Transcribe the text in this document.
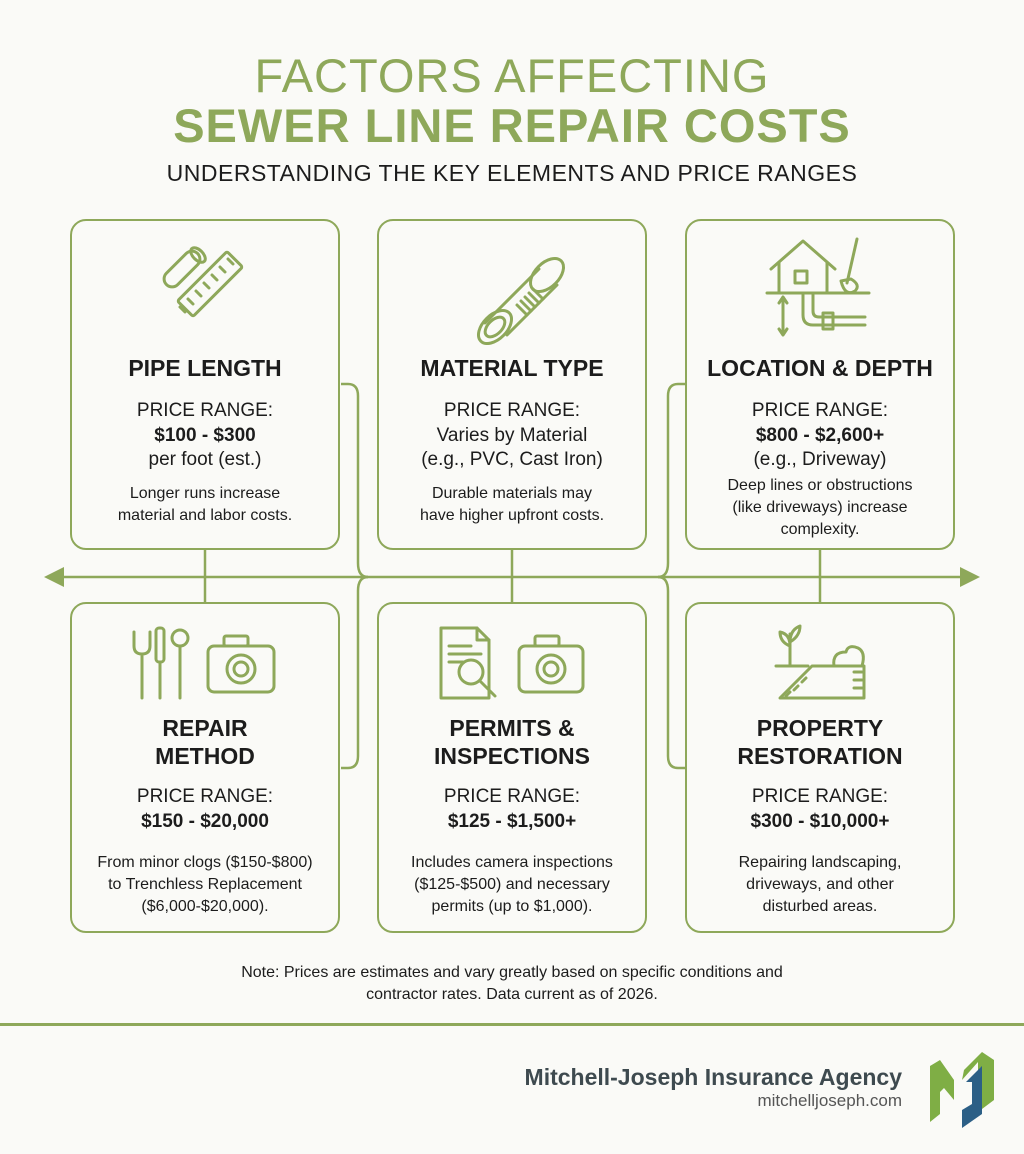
FACTORS AFFECTING
SEWER LINE REPAIR COSTS
UNDERSTANDING THE KEY ELEMENTS AND PRICE RANGES
PIPE LENGTH
PRICE RANGE:
$100 - $300
per foot (est.)
Longer runs increase
material and labor costs.
MATERIAL TYPE
PRICE RANGE:
Varies by Material
(e.g., PVC, Cast Iron)
Durable materials may
have higher upfront costs.
LOCATION & DEPTH
PRICE RANGE:
$800 - $2,600+
(e.g., Driveway)
Deep lines or obstructions
(like driveways) increase
complexity.
REPAIR
METHOD
PRICE RANGE:
$150 - $20,000
From minor clogs ($150-$800)
to Trenchless Replacement
($6,000-$20,000).
PERMITS &
INSPECTIONS
PRICE RANGE:
$125 - $1,500+
Includes camera inspections
($125-$500) and necessary
permits (up to $1,000).
PROPERTY
RESTORATION
PRICE RANGE:
$300 - $10,000+
Repairing landscaping,
driveways, and other
disturbed areas.
Note: Prices are estimates and vary greatly based on specific conditions and
contractor rates. Data current as of 2026.
Mitchell-Joseph Insurance Agency
mitchelljoseph.com
